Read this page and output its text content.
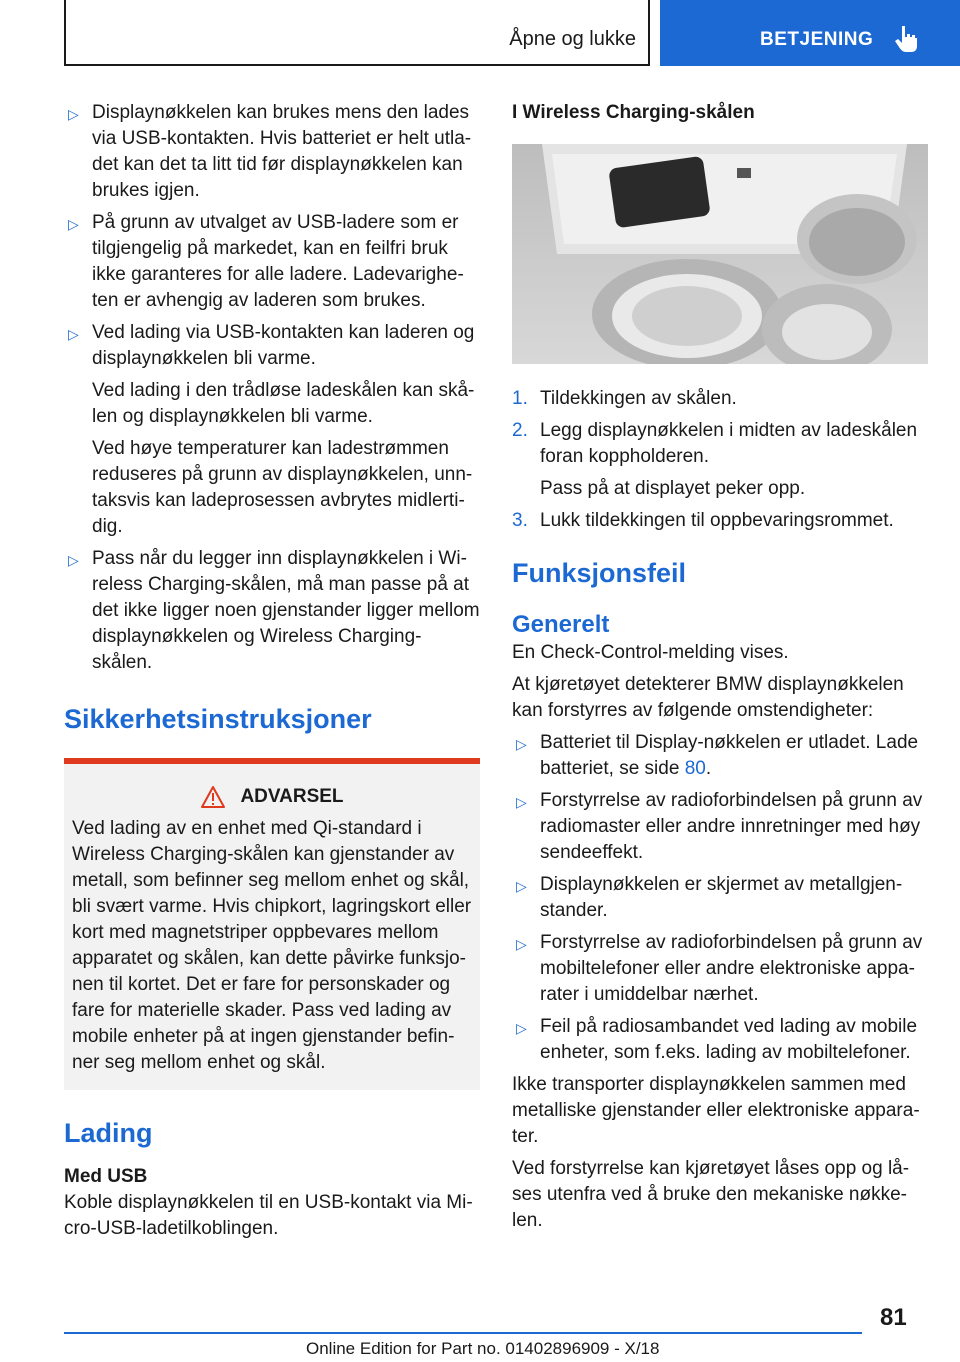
Åpne og lukke	BETJENING
▷ Displaynøkkelen kan brukes mens den lades via USB-kontakten. Hvis batteriet er helt utladet kan det ta litt tid før displaynøkkelen kan brukes igjen.
▷ På grunn av utvalget av USB-ladere som er tilgjengelig på markedet, kan en feilfri bruk ikke garanteres for alle ladere. Ladevarigheten er avhengig av laderen som brukes.
▷ Ved lading via USB-kontakten kan laderen og displaynøkkelen bli varme.
Ved lading i den trådløse ladeskålen kan skålen og displaynøkkelen bli varme.
Ved høye temperaturer kan ladestrømmen reduseres på grunn av displaynøkkelen, unntaksvis kan ladeprosessen avbrytes midlertidig.
▷ Pass når du legger inn displaynøkkelen i Wireless Charging-skålen, må man passe på at det ikke ligger noen gjenstander ligger mellom displaynøkkelen og Wireless Charging-skålen.
Sikkerhetsinstruksjoner
ADVARSEL
Ved lading av en enhet med Qi-standard i Wireless Charging-skålen kan gjenstander av metall, som befinner seg mellom enhet og skål, bli svært varme. Hvis chipkort, lagringskort eller kort med magnetstriper oppbevares mellom apparatet og skålen, kan dette påvirke funksjonen til kortet. Det er fare for personskader og fare for materielle skader. Pass ved lading av mobile enheter på at ingen gjenstander befinner seg mellom enhet og skål.
Lading
Med USB
Koble displaynøkkelen til en USB-kontakt via Micro-USB-ladetilkoblingen.
I Wireless Charging-skålen
1. Tildekkingen av skålen.
2. Legg displaynøkkelen i midten av ladeskålen foran koppholderen.
Pass på at displayet peker opp.
3. Lukk tildekkingen til oppbevaringsrommet.
Funksjonsfeil
Generelt
En Check-Control-melding vises.
At kjøretøyet detekterer BMW displaynøkkelen kan forstyrres av følgende omstendigheter:
▷ Batteriet til Display-nøkkelen er utladet. Lade batteriet, se side 80.
▷ Forstyrrelse av radioforbindelsen på grunn av radiomaster eller andre innretninger med høy sendeeffekt.
▷ Displaynøkkelen er skjermet av metallgjenstander.
▷ Forstyrrelse av radioforbindelsen på grunn av mobiltelefoner eller andre elektroniske apparater i umiddelbar nærhet.
▷ Feil på radiosambandet ved lading av mobile enheter, som f.eks. lading av mobiltelefoner.
Ikke transporter displaynøkkelen sammen med metalliske gjenstander eller elektroniske apparater.
Ved forstyrrelse kan kjøretøyet låses opp og låses utenfra ved å bruke den mekaniske nøkkelen.
81
Online Edition for Part no. 01402896909 - X/18
